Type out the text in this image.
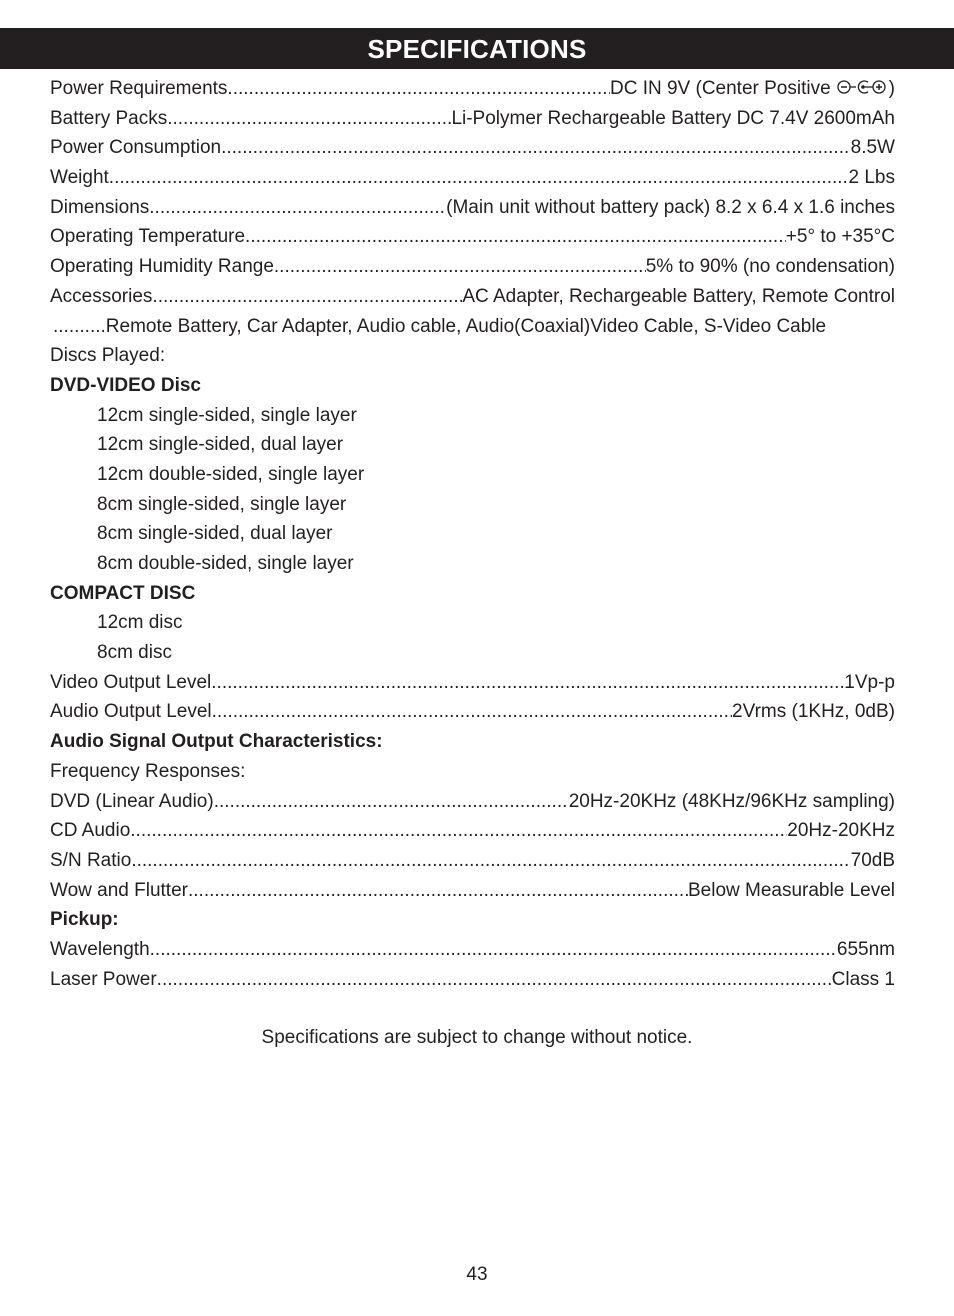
SPECIFICATIONS
Power Requirements .....	DC IN 9V (Center Positive	)
Battery Packs .....	Li-Polymer Rechargeable Battery DC 7.4V 2600mAh
Power Consumption .....	8.5W
Weight .....	2 Lbs
Dimensions .....	(Main unit without battery pack) 8.2 x 6.4 x 1.6 inches
Operating Temperature .....	+5° to +35°C
Operating Humidity Range .....	5% to 90% (no condensation)
Accessories .....	AC Adapter, Rechargeable Battery, Remote Control
..........Remote Battery, Car Adapter, Audio cable, Audio(Coaxial)Video Cable, S-Video Cable
Discs Played:
DVD-VIDEO Disc
12cm single-sided, single layer
12cm single-sided, dual layer
12cm double-sided, single layer
8cm single-sided, single layer
8cm single-sided, dual layer
8cm double-sided, single layer
COMPACT DISC
12cm disc
8cm disc
Video Output Level .....	1Vp-p
Audio Output Level .....	2Vrms (1KHz, 0dB)
Audio Signal Output Characteristics:
Frequency Responses:
DVD (Linear Audio) .....	20Hz-20KHz (48KHz/96KHz sampling)
CD Audio .....	20Hz-20KHz
S/N Ratio .....	70dB
Wow and Flutter .....	Below Measurable Level
Pickup:
Wavelength .....	655nm
Laser Power .....	Class 1
Specifications are subject to change without notice.
43
